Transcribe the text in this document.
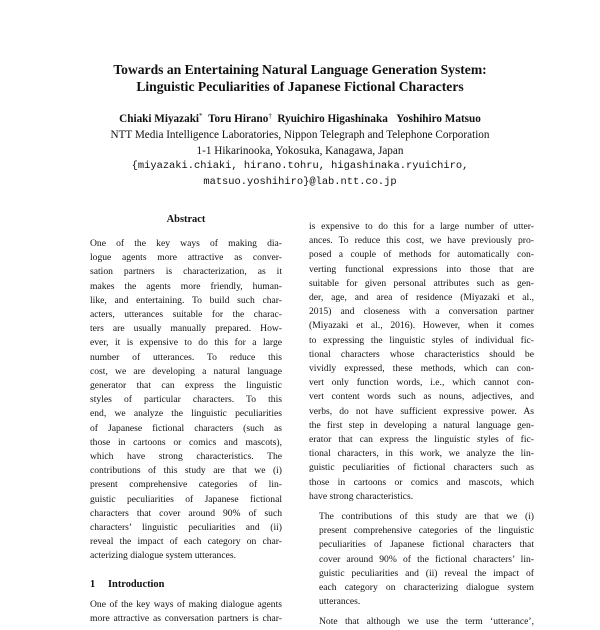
Towards an Entertaining Natural Language Generation System:
Linguistic Peculiarities of Japanese Fictional Characters
Chiaki Miyazaki* Toru Hirano† Ryuichiro Higashinaka Yoshihiro Matsuo
NTT Media Intelligence Laboratories, Nippon Telegraph and Telephone Corporation
1-1 Hikarinooka, Yokosuka, Kanagawa, Japan
{miyazaki.chiaki, hirano.tohru, higashinaka.ryuichiro,
matsuo.yoshihiro}@lab.ntt.co.jp
Abstract
One of the key ways of making dia-
logue agents more attractive as conver-
sation partners is characterization, as it
makes the agents more friendly, human-
like, and entertaining. To build such char-
acters, utterances suitable for the charac-
ters are usually manually prepared. How-
ever, it is expensive to do this for a large
number of utterances. To reduce this
cost, we are developing a natural language
generator that can express the linguistic
styles of particular characters. To this
end, we analyze the linguistic peculiarities
of Japanese fictional characters (such as
those in cartoons or comics and mascots),
which have strong characteristics. The
contributions of this study are that we (i)
present comprehensive categories of lin-
guistic peculiarities of Japanese fictional
characters that cover around 90% of such
characters’ linguistic peculiarities and (ii)
reveal the impact of each category on char-
acterizing dialogue system utterances.
1 Introduction
One of the key ways of making dialogue agents
more attractive as conversation partners is char-

is expensive to do this for a large number of utter-
ances. To reduce this cost, we have previously pro-
posed a couple of methods for automatically con-
verting functional expressions into those that are
suitable for given personal attributes such as gen-
der, age, and area of residence (Miyazaki et al.,
2015) and closeness with a conversation partner
(Miyazaki et al., 2016). However, when it comes
to expressing the linguistic styles of individual fic-
tional characters whose characteristics should be
vividly expressed, these methods, which can con-
vert only function words, i.e., which cannot con-
vert content words such as nouns, adjectives, and
verbs, do not have sufficient expressive power. As
the first step in developing a natural language gen-
erator that can express the linguistic styles of fic-
tional characters, in this work, we analyze the lin-
guistic peculiarities of fictional characters such as
those in cartoons or comics and mascots, which
have strong characteristics.

The contributions of this study are that we (i)
present comprehensive categories of the linguistic
peculiarities of Japanese fictional characters that
cover around 90% of the fictional characters’ lin-
guistic peculiarities and (ii) reveal the impact of
each category on characterizing dialogue system
utterances.

Note that although we use the term ‘utterance’,
